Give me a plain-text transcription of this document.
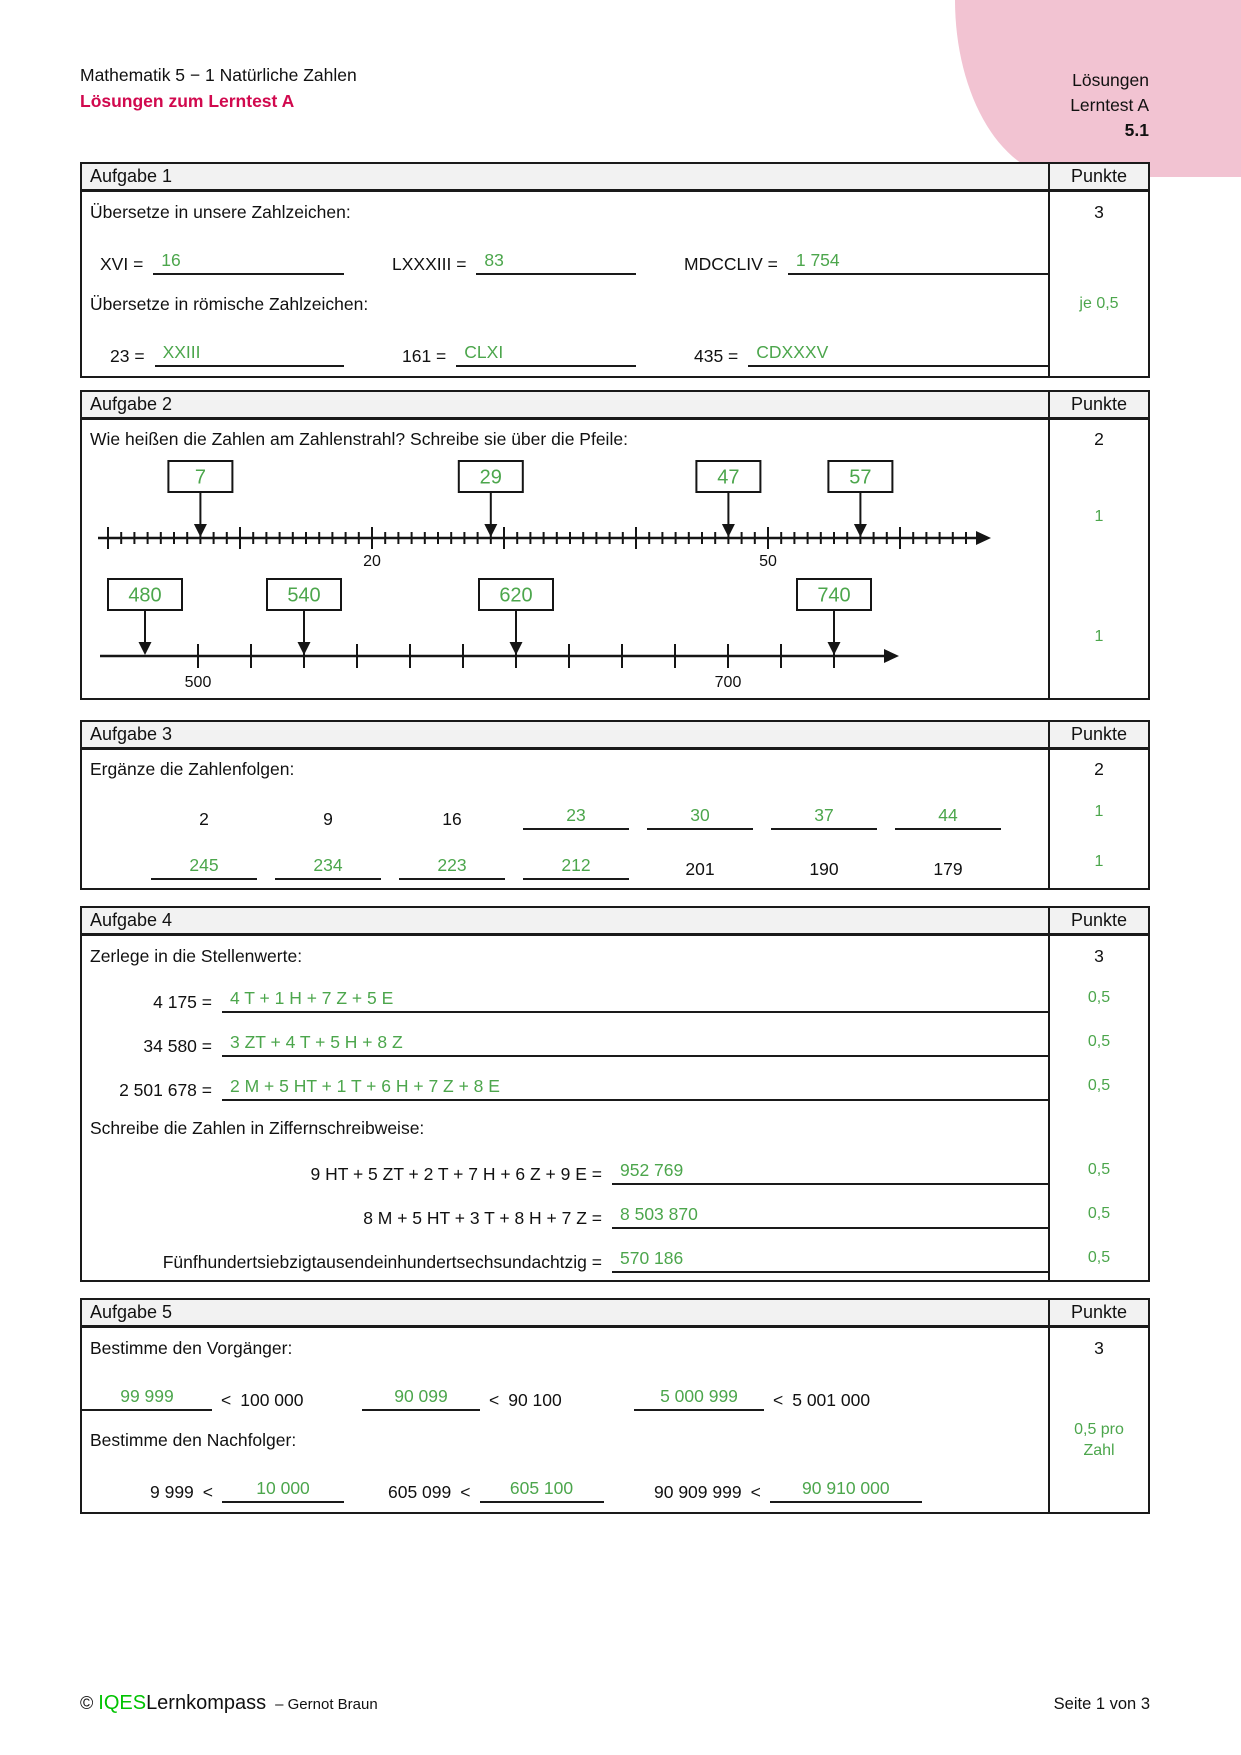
Lösungen
Lerntest A
5.1
Mathematik 5 − 1 Natürliche Zahlen
Lösungen zum Lerntest A
Aufgabe 1	Punkte
Übersetze in unsere Zahlzeichen:	3
XVI =	16	LXXXIII =	83	MDCCLIV =	1 754
Übersetze in römische Zahlzeichen:	je 0,5
23 =	XXIII	161 =	CLXI	435 =	CDXXXV
Aufgabe 2	Punkte
Wie heißen die Zahlen am Zahlenstrahl? Schreibe sie über die Pfeile:	2
20	50
7	29	47	57
1
500	700
480	540	620	740
1
Aufgabe 3	Punkte
Ergänze die Zahlenfolgen:	2
2	9	16	23	30	37	44	1
245	234	223	212	201	190	179	1
Aufgabe 4	Punkte
Zerlege in die Stellenwerte:	3
4 175 =	4 T + 1 H + 7 Z + 5 E	0,5
34 580 =	3 ZT + 4 T + 5 H + 8 Z	0,5
2 501 678 =	2 M + 5 HT + 1 T + 6 H + 7 Z + 8 E	0,5
Schreibe die Zahlen in Ziffernschreibweise:
9 HT + 5 ZT + 2 T + 7 H + 6 Z + 9 E =	952 769	0,5
8 M + 5 HT + 3 T + 8 H + 7 Z =	8 503 870	0,5
Fünfhundertsiebzigtausendeinhundertsechsundachtzig =	570 186	0,5
Aufgabe 5	Punkte
Bestimme den Vorgänger:	3
99 999	< 100 000	90 099	< 90 100	5 000 999	< 5 001 000
Bestimme den Nachfolger:	0,5 pro
Zahl
9 999 <	10 000	605 099 <	605 100	90 909 999 <	90 910 000
© IQES Lernkompass – Gernot Braun	Seite 1 von 3
